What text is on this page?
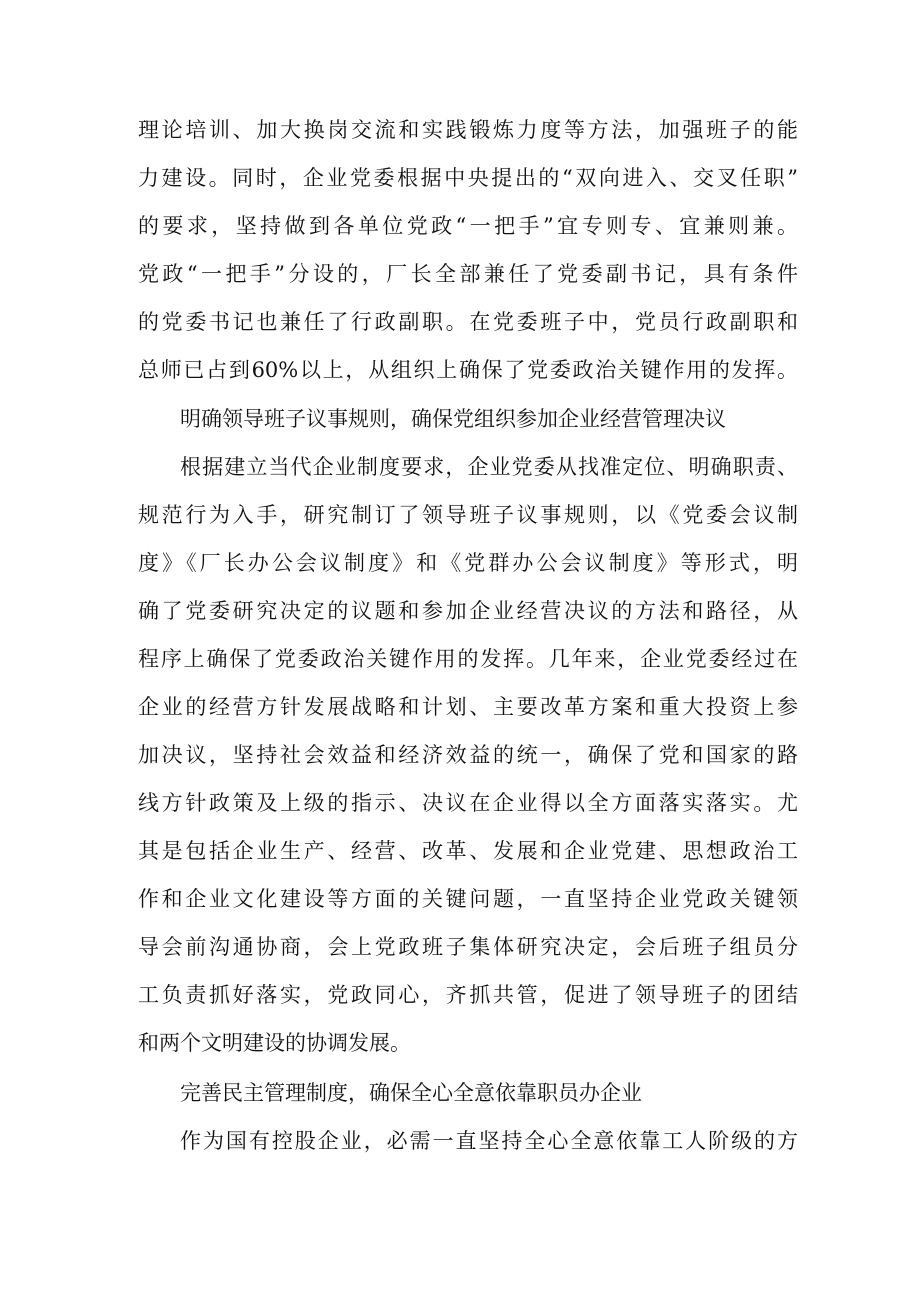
理论培训、加大换岗交流和实践锻炼力度等方法，加强班子的能
力建设。同时，企业党委根据中央提出的“双向进入、交叉任职”
的要求，坚持做到各单位党政“一把手”宜专则专、宜兼则兼。
党政“一把手”分设的，厂长全部兼任了党委副书记，具有条件
的党委书记也兼任了行政副职。在党委班子中，党员行政副职和
总师已占到60%以上，从组织上确保了党委政治关键作用的发挥。
明确领导班子议事规则，确保党组织参加企业经营管理决议
根据建立当代企业制度要求，企业党委从找准定位、明确职责、
规范行为入手，研究制订了领导班子议事规则，以《党委会议制
度》《厂长办公会议制度》和《党群办公会议制度》等形式，明
确了党委研究决定的议题和参加企业经营决议的方法和路径，从
程序上确保了党委政治关键作用的发挥。几年来，企业党委经过在
企业的经营方针发展战略和计划、主要改革方案和重大投资上参
加决议，坚持社会效益和经济效益的统一，确保了党和国家的路
线方针政策及上级的指示、决议在企业得以全方面落实落实。尤
其是包括企业生产、经营、改革、发展和企业党建、思想政治工
作和企业文化建设等方面的关键问题，一直坚持企业党政关键领
导会前沟通协商，会上党政班子集体研究决定，会后班子组员分
工负责抓好落实，党政同心，齐抓共管，促进了领导班子的团结
和两个文明建设的协调发展。
完善民主管理制度，确保全心全意依靠职员办企业
作为国有控股企业，必需一直坚持全心全意依靠工人阶级的方
